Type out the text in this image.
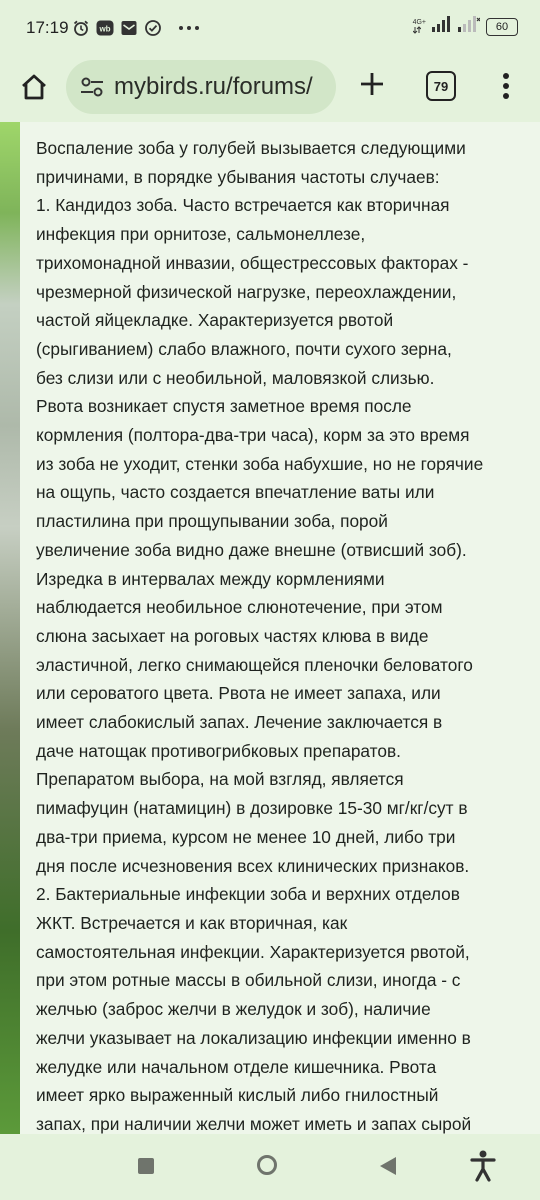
17:19	wb
4G+	60
mybirds.ru/forums/	79

Воспаление зоба у голубей вызывается следующими

причинами, в порядке убывания частоты случаев:

1. Кандидоз зоба. Часто встречается как вторичная

инфекция при орнитозе, сальмонеллезе,

трихомонадной инвазии, общестрессовых факторах -

чрезмерной физической нагрузке, переохлаждении,

частой яйцекладке. Характеризуется рвотой

(срыгиванием) слабо влажного, почти сухого зерна,

без слизи или с необильной, маловязкой слизью.

Рвота возникает спустя заметное время после

кормления (полтора-два-три часа), корм за это время

из зоба не уходит, стенки зоба набухшие, но не горячие

на ощупь, часто создается впечатление ваты или

пластилина при прощупывании зоба, порой

увеличение зоба видно даже внешне (отвисший зоб).

Изредка в интервалах между кормлениями

наблюдается необильное слюнотечение, при этом

слюна засыхает на роговых частях клюва в виде

эластичной, легко снимающейся пленочки беловатого

или сероватого цвета. Рвота не имеет запаха, или

имеет слабокислый запах. Лечение заключается в

даче натощак противогрибковых препаратов.

Препаратом выбора, на мой взгляд, является

пимафуцин (натамицин) в дозировке 15-30 мг/кг/сут в

два-три приема, курсом не менее 10 дней, либо три

дня после исчезновения всех клинических признаков.

2. Бактериальные инфекции зоба и верхних отделов

ЖКТ. Встречается и как вторичная, как

самостоятельная инфекции. Характеризуется рвотой,

при этом ротные массы в обильной слизи, иногда - с

желчью (заброс желчи в желудок и зоб), наличие

желчи указывает на локализацию инфекции именно в

желудке или начальном отделе кишечника. Рвота

имеет ярко выраженный кислый либо гнилостный

запах, при наличии желчи может иметь и запах сырой
